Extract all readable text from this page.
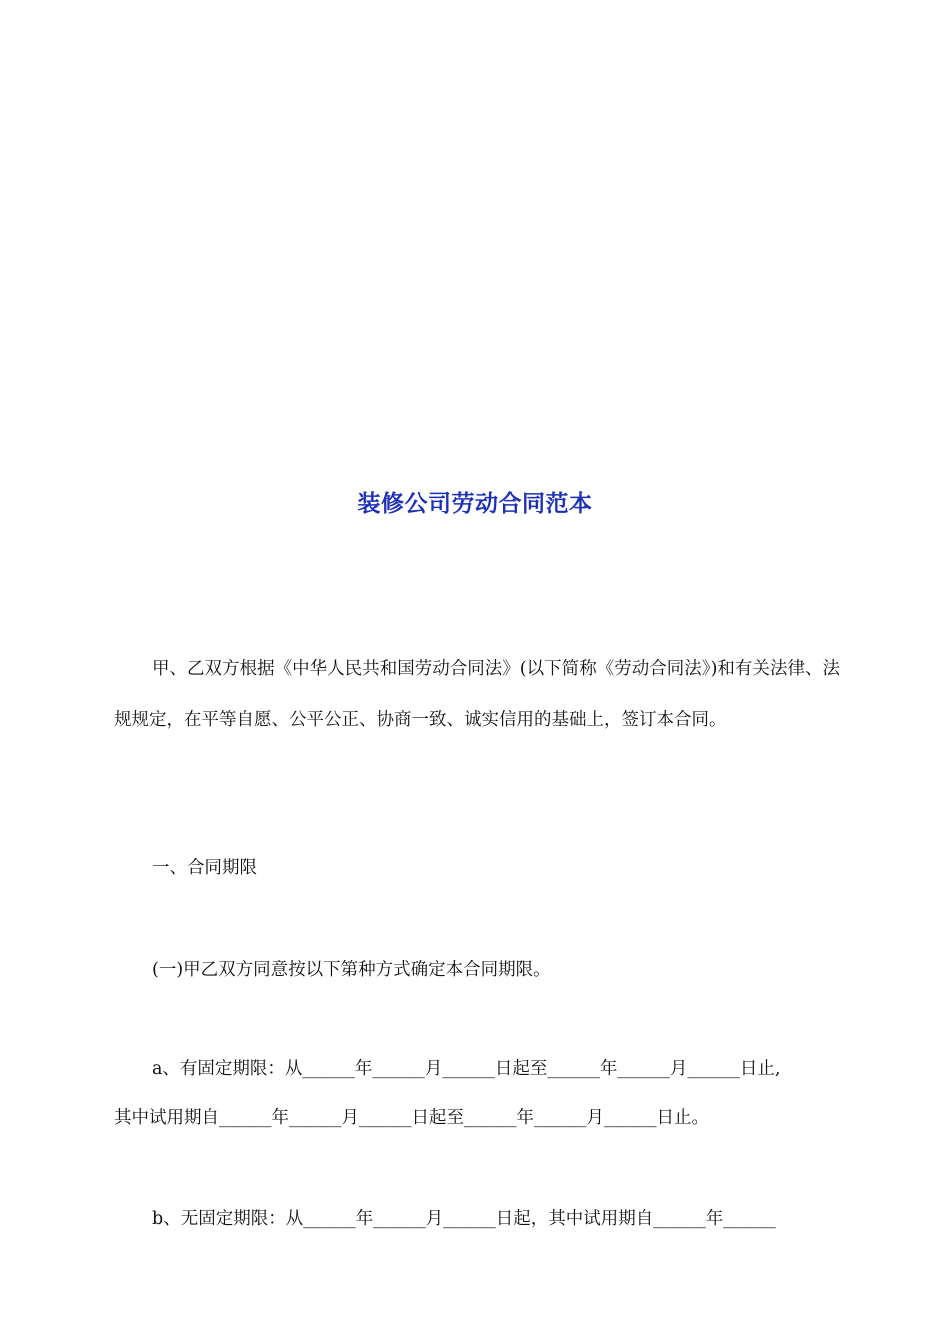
装修公司劳动合同范本

甲、乙双方根据《中华人民共和国劳动合同法》(以下简称《劳动合同法》)和有关法律、法规规定，在平等自愿、公平公正、协商一致、诚实信用的基础上，签订本合同。

一、合同期限
(一)甲乙双方同意按以下第种方式确定本合同期限。
a、有固定期限：从______年______月______日起至______年______月______日止,
其中试用期自______年______月______日起至______年______月______日止。
b、无固定期限：从______年______月______日起，其中试用期自______年______
